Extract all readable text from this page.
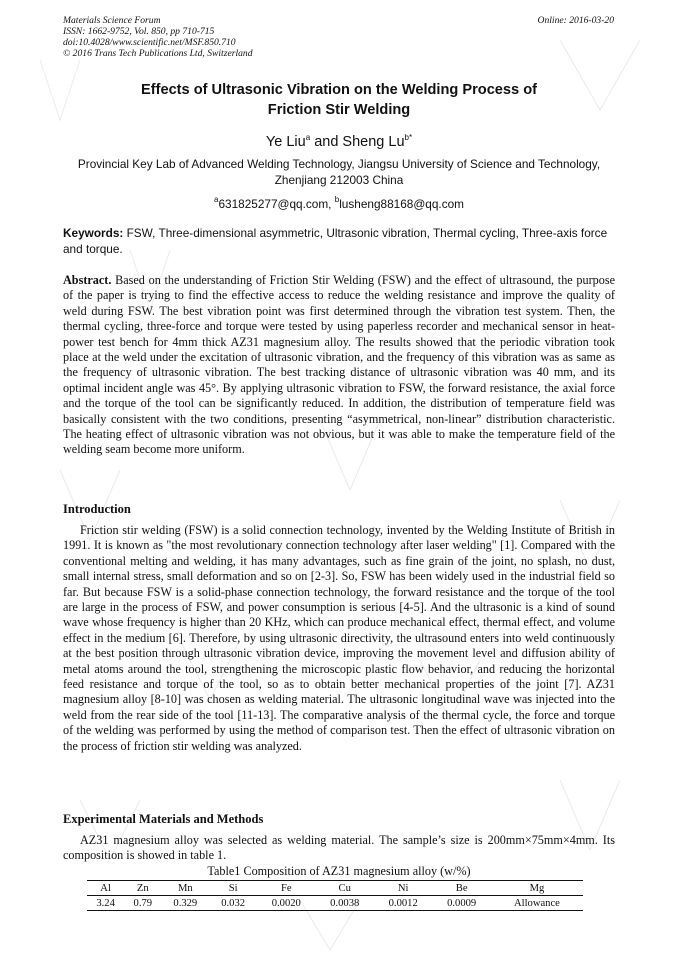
Materials Science Forum
ISSN: 1662-9752, Vol. 850, pp 710-715
doi:10.4028/www.scientific.net/MSF.850.710
© 2016 Trans Tech Publications Ltd, Switzerland
Online: 2016-03-20
Effects of Ultrasonic Vibration on the Welding Process of
Friction Stir Welding
Ye Liu$^a$ and Sheng $Lu^{b*}$
Provincial Key Lab of Advanced Welding Technology, Jiangsu University of Science and Technology,
Zhenjiang 212003 China
$^a$631825277@qq.com, $^b$lusheng88168@qq.com
Keywords: FSW, Three-dimensional asymmetric, Ultrasonic vibration, Thermal cycling, Three-axis force and torque.
Abstract. Based on the understanding of Friction Stir Welding (FSW) and the effect of ultrasound, the purpose of the paper is trying to find the effective access to reduce the welding resistance and improve the quality of weld during FSW. The best vibration point was first determined through the vibration test system. Then, the thermal cycling, three-force and torque were tested by using paperless recorder and mechanical sensor in heat-power test bench for 4mm thick AZ31 magnesium alloy. The results showed that the periodic vibration took place at the weld under the excitation of ultrasonic vibration, and the frequency of this vibration was as same as the frequency of ultrasonic vibration. The best tracking distance of ultrasonic vibration was 40 mm, and its optimal incident angle was 45°. By applying ultrasonic vibration to FSW, the forward resistance, the axial force and the torque of the tool can be significantly reduced. In addition, the distribution of temperature field was basically consistent with the two conditions, presenting “asymmetrical, non-linear” distribution characteristic. The heating effect of ultrasonic vibration was not obvious, but it was able to make the temperature field of the welding seam become more uniform.
Introduction

Friction stir welding (FSW) is a solid connection technology, invented by the Welding Institute of British in 1991. It is known as "the most revolutionary connection technology after laser welding" [1]. Compared with the conventional melting and welding, it has many advantages, such as fine grain of the joint, no splash, no dust, small internal stress, small deformation and so on [2-3]. So, FSW has been widely used in the industrial field so far. But because FSW is a solid-phase connection technology, the forward resistance and the torque of the tool are large in the process of FSW, and power consumption is serious [4-5]. And the ultrasonic is a kind of sound wave whose frequency is higher than 20 KHz, which can produce mechanical effect, thermal effect, and volume effect in the medium [6]. Therefore, by using ultrasonic directivity, the ultrasound enters into weld continuously at the best position through ultrasonic vibration device, improving the movement level and diffusion ability of metal atoms around the tool, strengthening the microscopic plastic flow behavior, and reducing the horizontal feed resistance and torque of the tool, so as to obtain better mechanical properties of the joint [7]. AZ31 magnesium alloy [8-10] was chosen as welding material. The ultrasonic longitudinal wave was injected into the weld from the rear side of the tool [11-13]. The comparative analysis of the thermal cycle, the force and torque of the welding was performed by using the method of comparison test. Then the effect of ultrasonic vibration on the process of friction stir welding was analyzed.

Experimental Materials and Methods

AZ31 magnesium alloy was selected as welding material. The sample’s size is 200mm×75mm×4mm. Its composition is showed in table 1.

Table1 Composition of AZ31 magnesium alloy (w/%)
Al	Zn	Mn	Si	Fe	Cu	Ni	Be	Mg
3.24	0.79	0.329	0.032	0.0020	0.0038	0.0012	0.0009	Allowance
